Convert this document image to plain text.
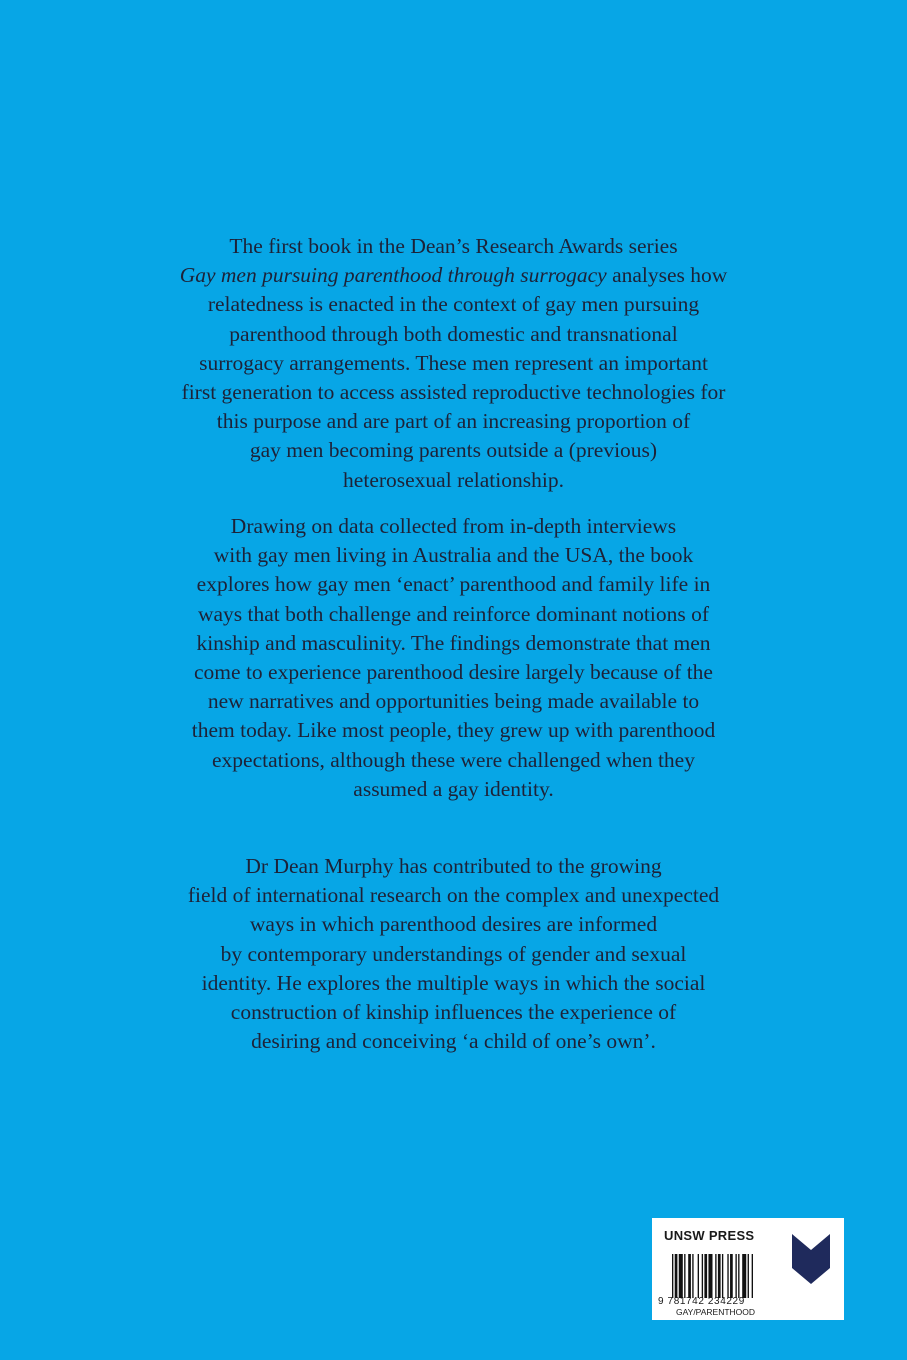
The first book in the Dean’s Research Awards series
Gay men pursuing parenthood through surrogacy analyses how
relatedness is enacted in the context of gay men pursuing
parenthood through both domestic and transnational
surrogacy arrangements. These men represent an important
first generation to access assisted reproductive technologies for
this purpose and are part of an increasing proportion of
gay men becoming parents outside a (previous)
heterosexual relationship.
Drawing on data collected from in-depth interviews
with gay men living in Australia and the USA, the book
explores how gay men ‘enact’ parenthood and family life in
ways that both challenge and reinforce dominant notions of
kinship and masculinity. The findings demonstrate that men
come to experience parenthood desire largely because of the
new narratives and opportunities being made available to
them today. Like most people, they grew up with parenthood
expectations, although these were challenged when they
assumed a gay identity.
Dr Dean Murphy has contributed to the growing
field of international research on the complex and unexpected
ways in which parenthood desires are informed
by contemporary understandings of gender and sexual
identity. He explores the multiple ways in which the social
construction of kinship influences the experience of
desiring and conceiving ‘a child of one’s own’.
UNSW PRESS
9 781742 234229
GAY/PARENTHOOD
